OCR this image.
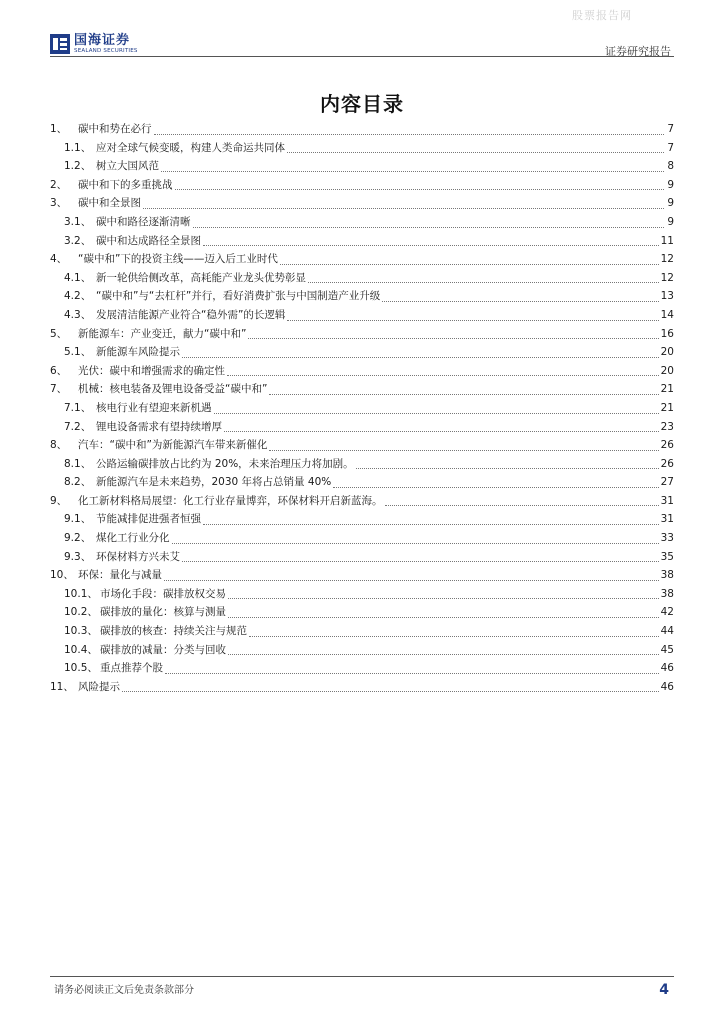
股票报告网
国海证券
SEALAND SECURITIES	证券研究报告
内容目录
1、	碳中和势在必行	7
1.1、 应对全球气候变暖，构建人类命运共同体	7
1.2、 树立大国风范	8
2、	碳中和下的多重挑战	9
3、	碳中和全景图	9
3.1、 碳中和路径逐渐清晰	9
3.2、 碳中和达成路径全景图	11
4、	“碳中和”下的投资主线——迈入后工业时代	12
4.1、 新一轮供给侧改革，高耗能产业龙头优势彰显	12
4.2、 “碳中和”与“去杠杆”并行，看好消费扩张与中国制造产业升级	13
4.3、 发展清洁能源产业符合“稳外需”的长逻辑	14
5、	新能源车：产业变迁，献力“碳中和”	16
5.1、 新能源车风险提示	20
6、	光伏：碳中和增强需求的确定性	20
7、	机械：核电装备及锂电设备受益“碳中和”	21
7.1、 核电行业有望迎来新机遇	21
7.2、 锂电设备需求有望持续增厚	23
8、	汽车：“碳中和”为新能源汽车带来新催化	26
8.1、 公路运输碳排放占比约为 20%，未来治理压力将加剧。	26
8.2、 新能源汽车是未来趋势，2030 年将占总销量 40%	27
9、	化工新材料格局展望：化工行业存量博弈，环保材料开启新蓝海。	31
9.1、 节能减排促进强者恒强	31
9.2、 煤化工行业分化	33
9.3、 环保材料方兴未艾	35
10、 环保：量化与减量	38
10.1、 市场化手段：碳排放权交易	38
10.2、 碳排放的量化：核算与测量	42
10.3、 碳排放的核查：持续关注与规范	44
10.4、 碳排放的减量：分类与回收	45
10.5、 重点推荐个股	46
11、 风险提示	46
请务必阅读正文后免责条款部分	4
